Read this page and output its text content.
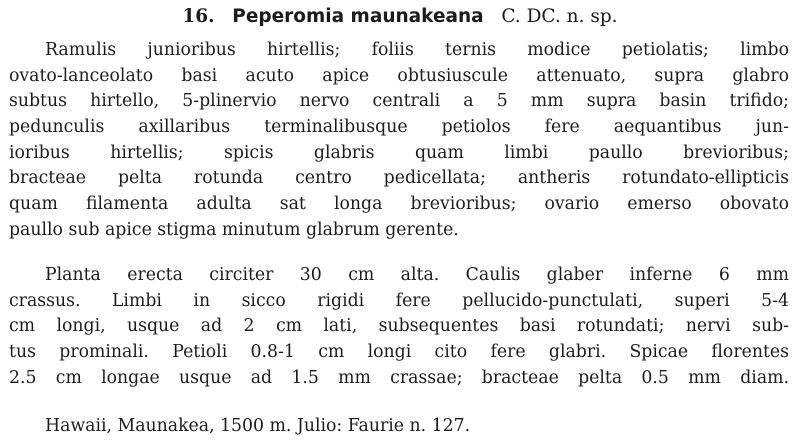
16. Peperomia maunakeana C. DC. n. sp.
Ramulis junioribus hirtellis; foliis ternis modice petiolatis; limbo
ovato-lanceolato basi acuto apice obtusiuscule attenuato, supra glabro
subtus hirtello, 5-plinervio nervo centrali a 5 mm supra basin trifido;
pedunculis axillaribus terminalibusque petiolos fere aequantibus jun-
ioribus hirtellis; spicis glabris quam limbi paullo brevioribus;
bracteae pelta rotunda centro pedicellata; antheris rotundato-ellipticis
quam filamenta adulta sat longa brevioribus; ovario emerso obovato
paullo sub apice stigma minutum glabrum gerente.
Planta erecta circiter 30 cm alta. Caulis glaber inferne 6 mm
crassus. Limbi in sicco rigidi fere pellucido-punctulati, superi 5-4
cm longi, usque ad 2 cm lati, subsequentes basi rotundati; nervi sub-
tus prominali. Petioli 0.8-1 cm longi cito fere glabri. Spicae florentes
2.5 cm longae usque ad 1.5 mm crassae; bracteae pelta 0.5 mm diam.
Hawaii, Maunakea, 1500 m. Julio: Faurie n. 127.
